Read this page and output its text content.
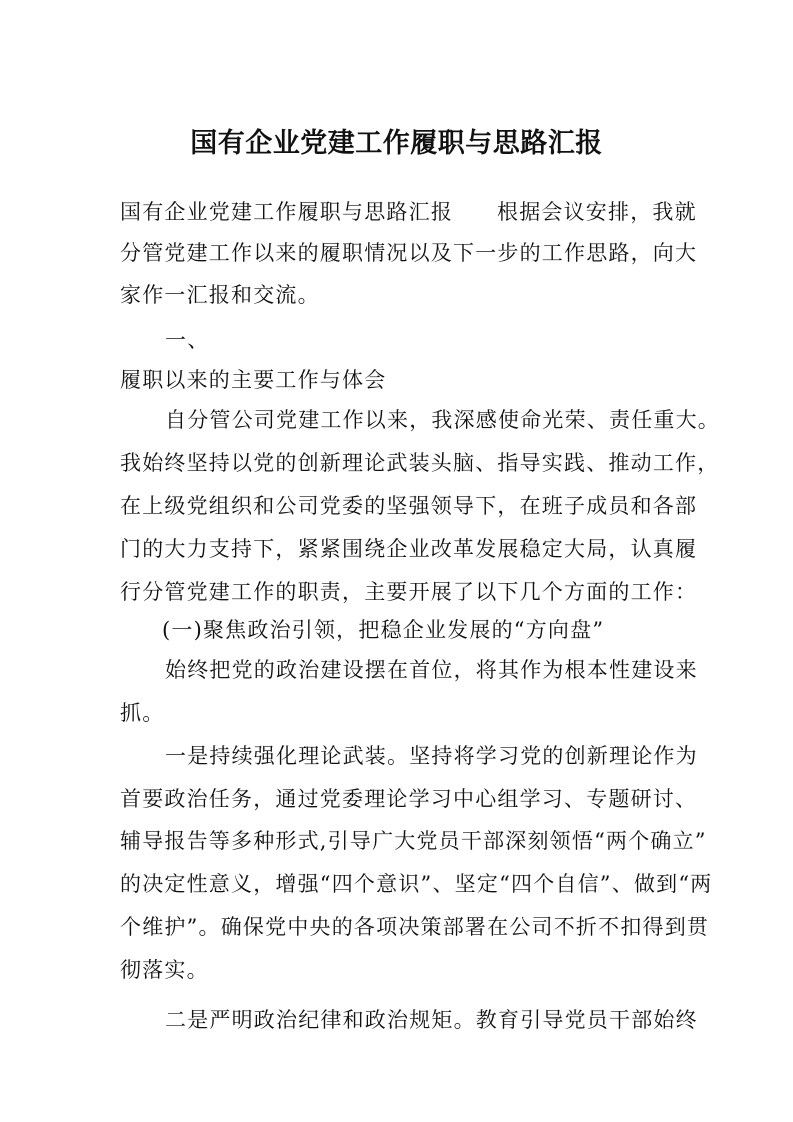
国有企业党建工作履职与思路汇报
国有企业党建工作履职与思路汇报 根据会议安排，我就
分管党建工作以来的履职情况以及下一步的工作思路，向大
家作一汇报和交流。
一、
履职以来的主要工作与体会
自分管公司党建工作以来，我深感使命光荣、责任重大。
我始终坚持以党的创新理论武装头脑、指导实践、推动工作，
在上级党组织和公司党委的坚强领导下，在班子成员和各部
门的大力支持下，紧紧围绕企业改革发展稳定大局，认真履
行分管党建工作的职责，主要开展了以下几个方面的工作：
(一)聚焦政治引领，把稳企业发展的“方向盘”
始终把党的政治建设摆在首位，将其作为根本性建设来
抓。
一是持续强化理论武装。坚持将学习党的创新理论作为
首要政治任务，通过党委理论学习中心组学习、专题研讨、
辅导报告等多种形式,引导广大党员干部深刻领悟“两个确立”
的决定性意义，增强“四个意识”、坚定“四个自信”、做到“两
个维护”。确保党中央的各项决策部署在公司不折不扣得到贯
彻落实。
二是严明政治纪律和政治规矩。教育引导党员干部始终
